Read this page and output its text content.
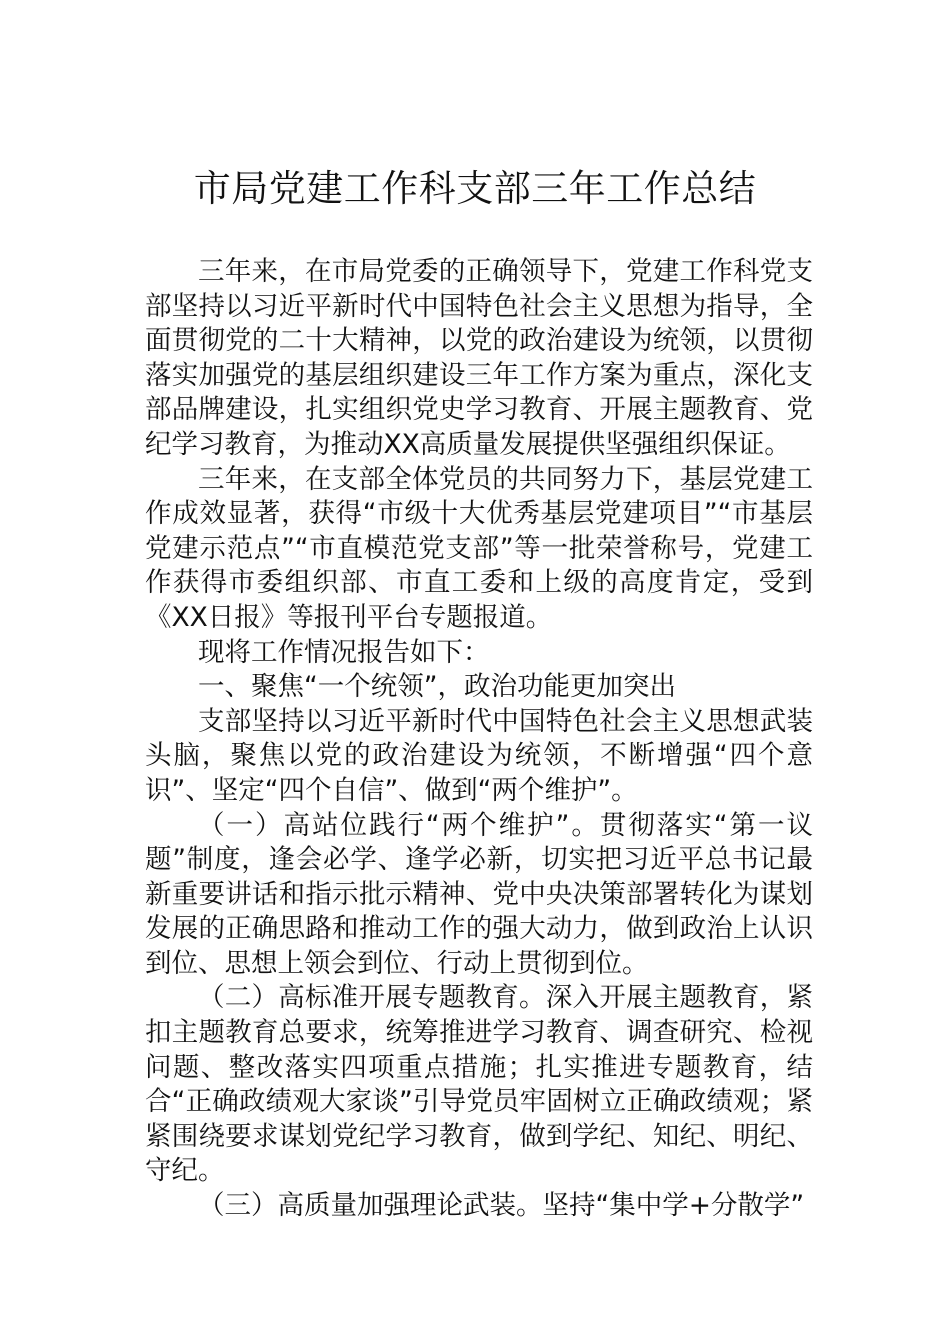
市局党建工作科支部三年工作总结

三年来，在市局党委的正确领导下，党建工作科党支部坚持以习近平新时代中国特色社会主义思想为指导，全面贯彻党的二十大精神，以党的政治建设为统领，以贯彻落实加强党的基层组织建设三年工作方案为重点，深化支部品牌建设，扎实组织党史学习教育、开展主题教育、党纪学习教育，为推动XX高质量发展提供坚强组织保证。

三年来，在支部全体党员的共同努力下，基层党建工作成效显著，获得“市级十大优秀基层党建项目”“市基层党建示范点”“市直模范党支部”等一批荣誉称号，党建工作获得市委组织部、市直工委和上级的高度肯定，受到《XX日报》等报刊平台专题报道。

现将工作情况报告如下：

一、聚焦“一个统领”，政治功能更加突出

支部坚持以习近平新时代中国特色社会主义思想武装头脑，聚焦以党的政治建设为统领，不断增强“四个意识”、坚定“四个自信”、做到“两个维护”。

（一）高站位践行“两个维护”。贯彻落实“第一议题”制度，逢会必学、逢学必新，切实把习近平总书记最新重要讲话和指示批示精神、党中央决策部署转化为谋划发展的正确思路和推动工作的强大动力，做到政治上认识到位、思想上领会到位、行动上贯彻到位。

（二）高标准开展专题教育。深入开展主题教育，紧扣主题教育总要求，统筹推进学习教育、调查研究、检视问题、整改落实四项重点措施；扎实推进专题教育，结合“正确政绩观大家谈”引导党员牢固树立正确政绩观；紧紧围绕要求谋划党纪学习教育，做到学纪、知纪、明纪、守纪。

（三）高质量加强理论武装。坚持“集中学+分散学”
